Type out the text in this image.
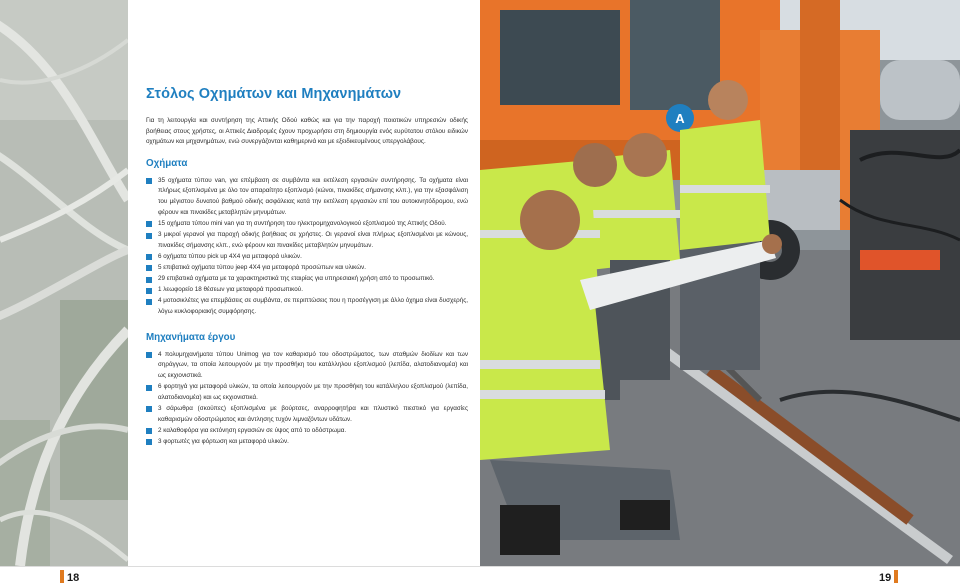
Στόλος Οχημάτων και Μηχανημάτων

Για τη λειτουργία και συντήρηση της Αττικής Οδού καθώς και για την παροχή ποιοτικών υπηρεσιών οδικής βοήθειας στους χρήστες, οι Αττικές Διαδρομές έχουν προχωρήσει στη δημιουργία ενός ευρύτατου στόλου ειδικών οχημάτων και μηχανημάτων, ενώ συνεργάζονται καθημερινά και με εξειδικευμένους υπεργολάβους.

Οχήματα
35 οχήματα τύπου van, για επέμβαση σε συμβάντα και εκτέλεση εργασιών συντήρησης. Τα οχήματα είναι πλήρως εξοπλισμένα με όλο τον απαραίτητο εξοπλισμό (κώνοι, πινακίδες σήμανσης κλπ.), για την εξασφάλιση του μέγιστου δυνατού βαθμού οδικής ασφάλειας κατά την εκτέλεση εργασιών επί του αυτοκινητόδρομου, ενώ φέρουν και πινακίδες μεταβλητών μηνυμάτων.
15 οχήματα τύπου mini van για τη συντήρηση του ηλεκτρομηχανολογικού εξοπλισμού της Αττικής Οδού.
3 μικροί γερανοί για παροχή οδικής βοήθειας σε χρήστες. Οι γερανοί είναι πλήρως εξοπλισμένοι με κώνους, πινακίδες σήμανσης κλπ., ενώ φέρουν και πινακίδες μεταβλητών μηνυμάτων.
6 οχήματα τύπου pick up 4X4 για μεταφορά υλικών.
5 επιβατικά οχήματα τύπου jeep 4X4 για μεταφορά προσώπων και υλικών.
29 επιβατικά οχήματα με τα χαρακτηριστικά της εταιρίας για υπηρεσιακή χρήση από το προσωπικό.
1 λεωφορείο 18 θέσεων για μεταφορά προσωπικού.
4 μοτοσικλέτες για επεμβάσεις σε συμβάντα, σε περιπτώσεις που η προσέγγιση με άλλο όχημα είναι δυσχερής, λόγω κυκλοφοριακής συμφόρησης.
Μηχανήματα έργου
4 πολυμηχανήματα τύπου Unimog για τον καθαρισμό του οδοστρώματος, των σταθμών διοδίων και των σηράγγων, τα οποία λειτουργούν με την προσθήκη του κατάλληλου εξοπλισμού (λεπίδα, αλατοδιανομέα) και ως εκχιονιστικά.
6 φορτηγά για μεταφορά υλικών, τα οποία λειτουργούν με την προσθήκη του κατάλληλου εξοπλισμού (λεπίδα, αλατοδιανομέα) και ως εκχιονιστικά.
3 σάρωθρα (σκούπες) εξοπλισμένα με βούρτσες, αναρροφητήρα και πλυστικό πιεστικό για εργασίες καθαρισμών οδοστρώματος και άντλησης τυχόν λιμναζόντων υδάτων.
2 καλαθοφόρα για εκτόνηση εργασιών σε ύψος από το οδόστρωμα.
3 φορτωτές για φόρτωση και μεταφορά υλικών.
Α
18	19
